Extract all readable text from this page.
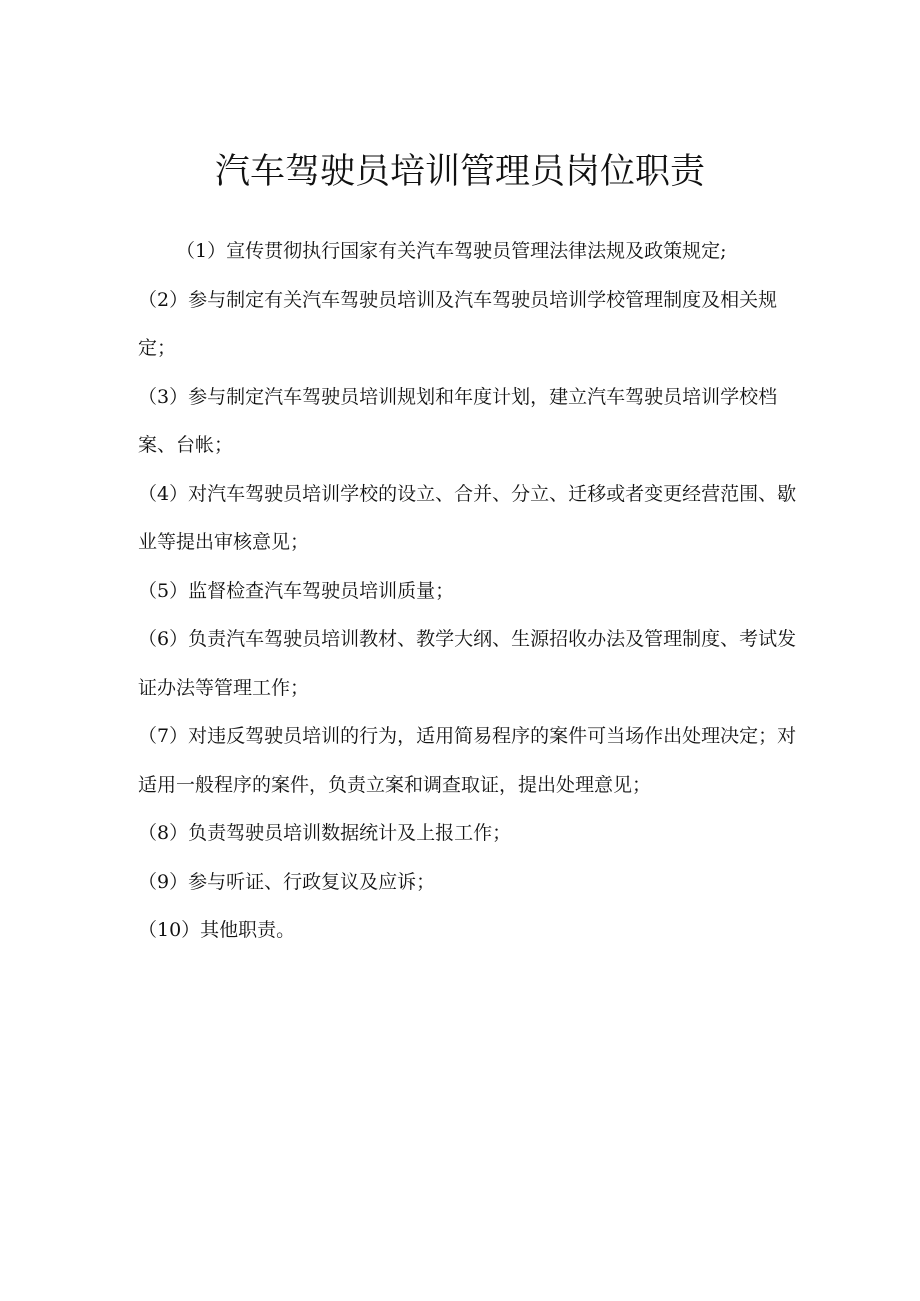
汽车驾驶员培训管理员岗位职责

（1）宣传贯彻执行国家有关汽车驾驶员管理法律法规及政策规定;

（2）参与制定有关汽车驾驶员培训及汽车驾驶员培训学校管理制度及相关规定；

（3）参与制定汽车驾驶员培训规划和年度计划，建立汽车驾驶员培训学校档案、台帐；

（4）对汽车驾驶员培训学校的设立、合并、分立、迁移或者变更经营范围、歇业等提出审核意见；

（5）监督检查汽车驾驶员培训质量；

（6）负责汽车驾驶员培训教材、教学大纲、生源招收办法及管理制度、考试发证办法等管理工作；

（7）对违反驾驶员培训的行为，适用简易程序的案件可当场作出处理决定；对适用一般程序的案件，负责立案和调查取证，提出处理意见；

（8）负责驾驶员培训数据统计及上报工作；

（9）参与听证、行政复议及应诉；

（10）其他职责。
